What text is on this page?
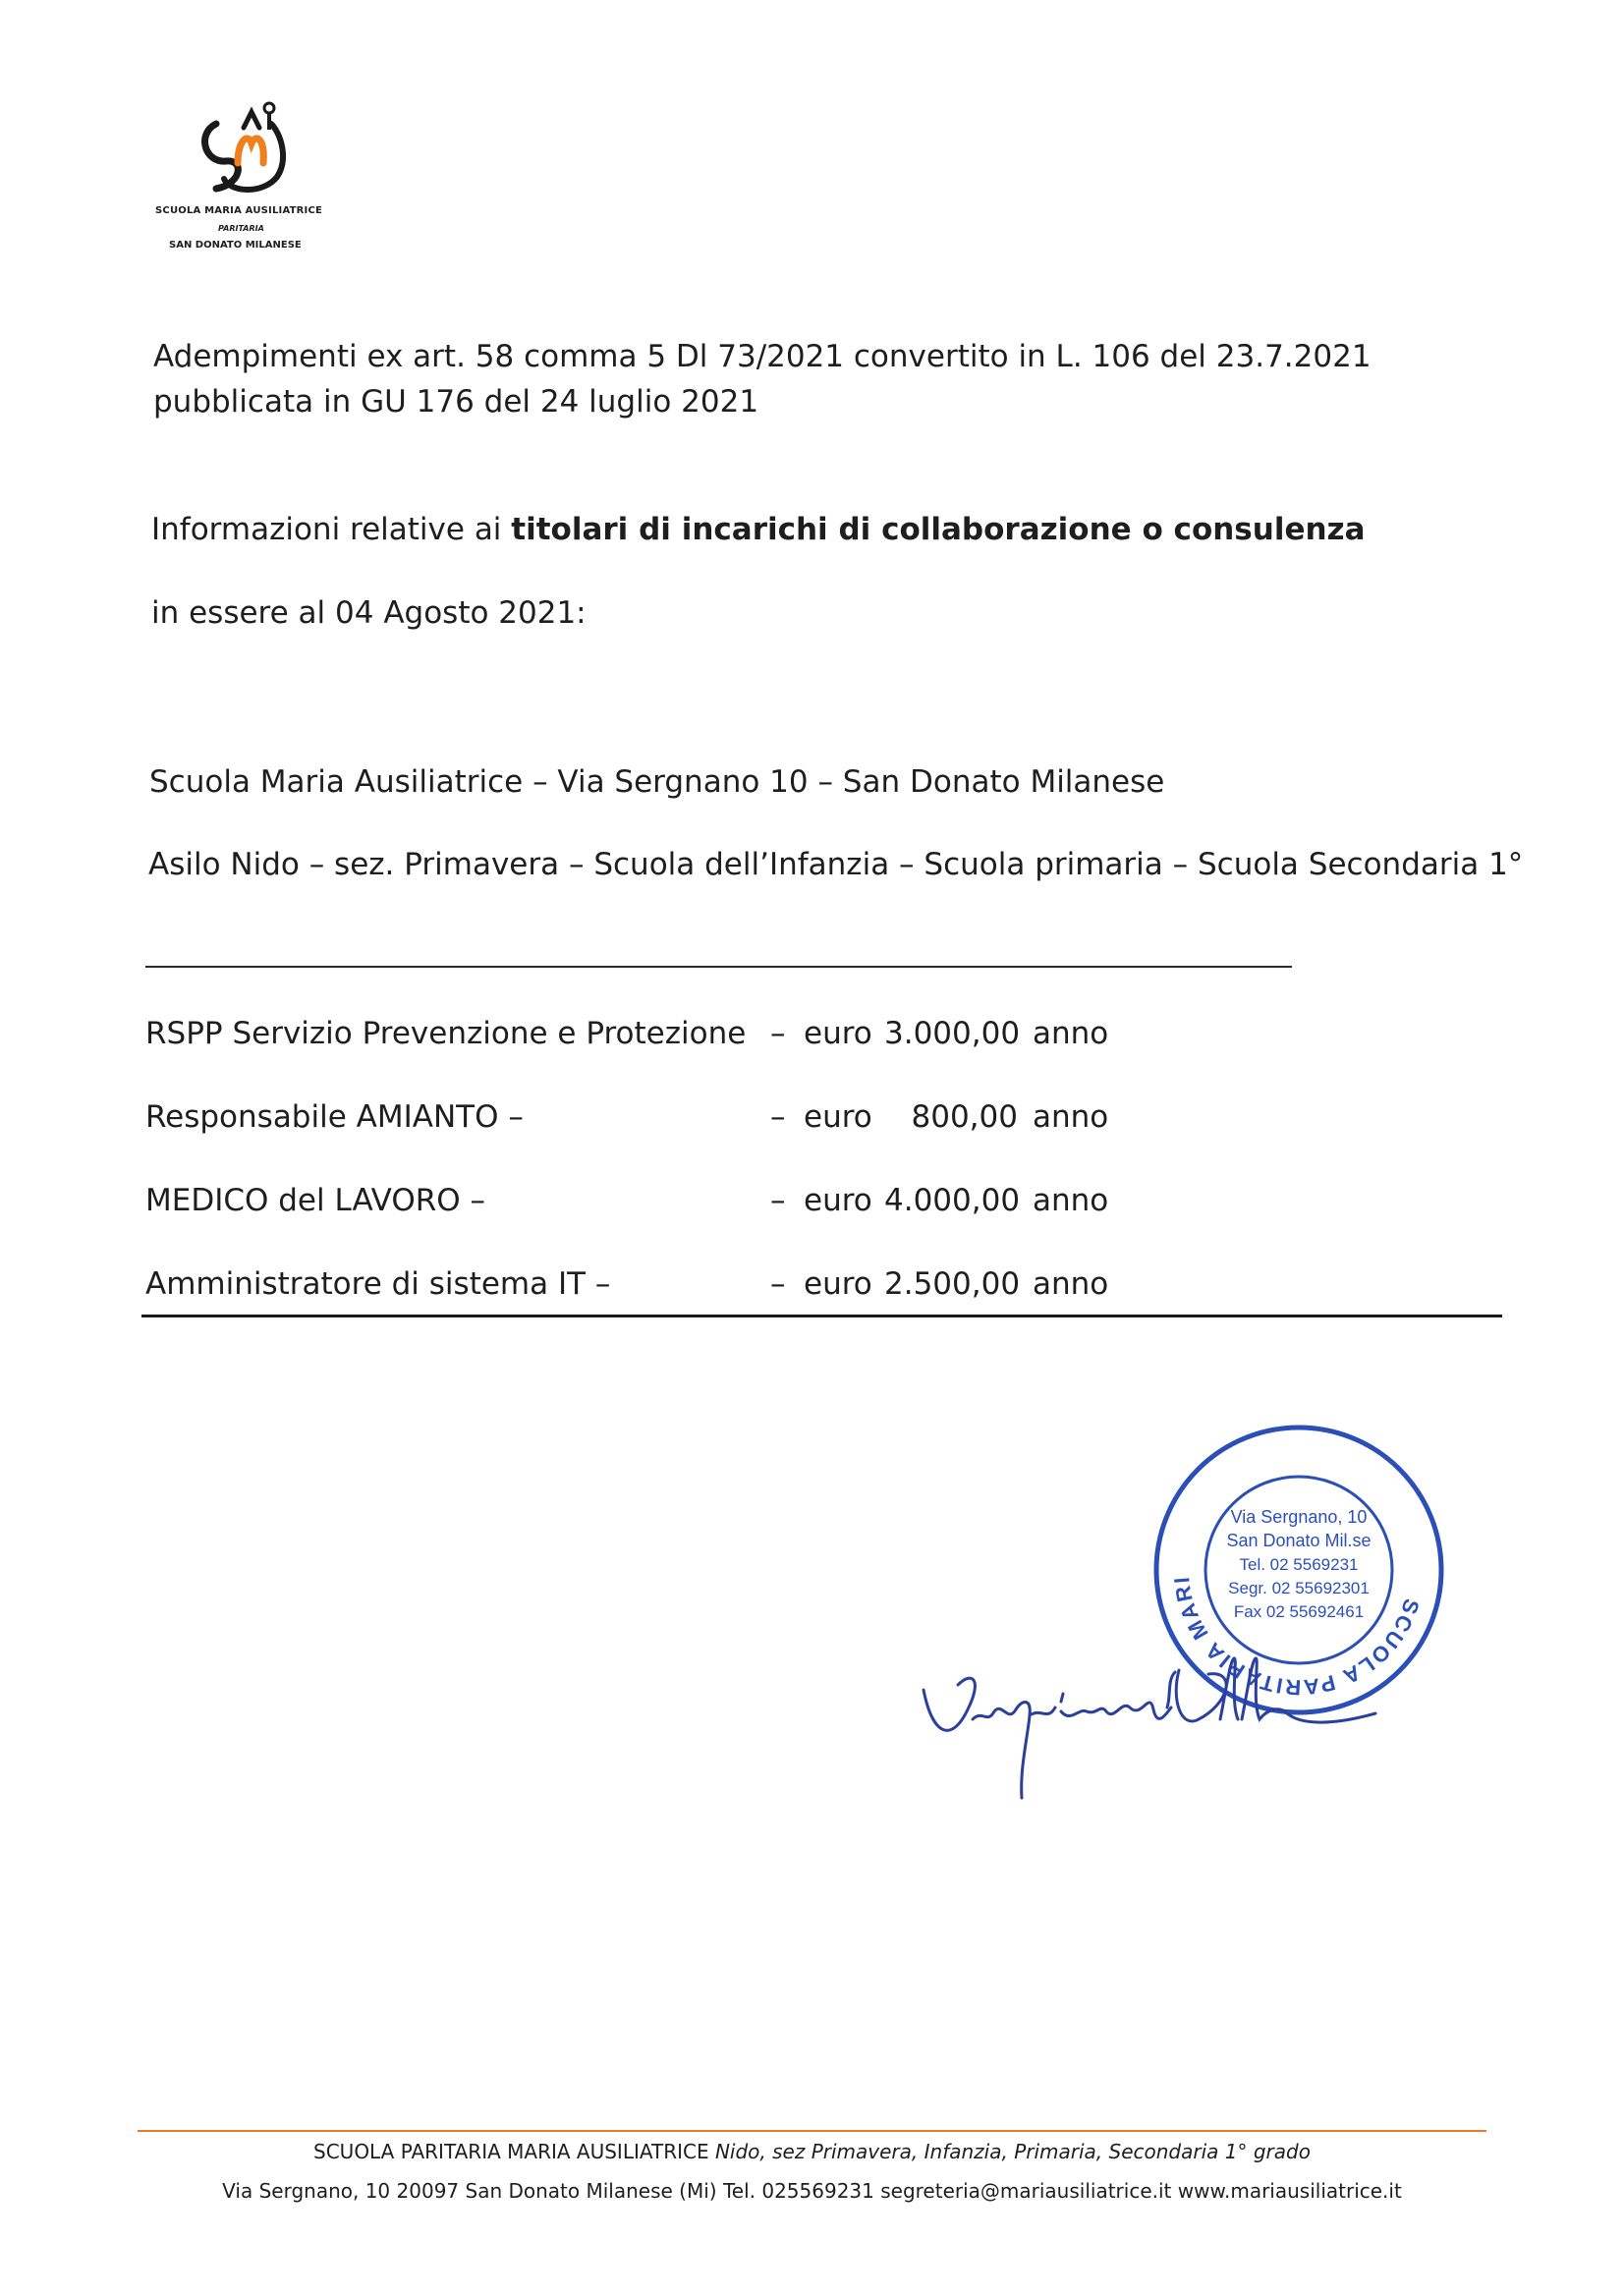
SCUOLA MARIA AUSILIATRICE
PARITARIA
SAN DONATO MILANESE
Adempimenti ex art. 58 comma 5 Dl 73/2021 convertito in L. 106 del 23.7.2021
pubblicata in GU 176 del 24 luglio 2021
Informazioni relative ai titolari di incarichi di collaborazione o consulenza
in essere al 04 Agosto 2021:
Scuola Maria Ausiliatrice – Via Sergnano 10 – San Donato Milanese
Asilo Nido – sez. Primavera – Scuola dell’Infanzia – Scuola primaria – Scuola Secondaria 1°
RSPP Servizio Prevenzione e Protezione – euro 3.000,00 anno
Responsabile AMIANTO –	– euro	800,00 anno
MEDICO del LAVORO –	– euro 4.000,00 anno
Amministratore di sistema IT –	– euro 2.500,00 anno
SCUOLA PARITARIA MARI
Via Sergnano, 10
San Donato Mil.se
Tel. 02 5569231
Segr. 02 55692301
Fax 02 55692461
SCUOLA PARITARIA MARIA AUSILIATRICE Nido, sez Primavera, Infanzia, Primaria, Secondaria 1° grado
Via Sergnano, 10 20097 San Donato Milanese (Mi) Tel. 025569231 segreteria@mariausiliatrice.it www.mariausiliatrice.it
